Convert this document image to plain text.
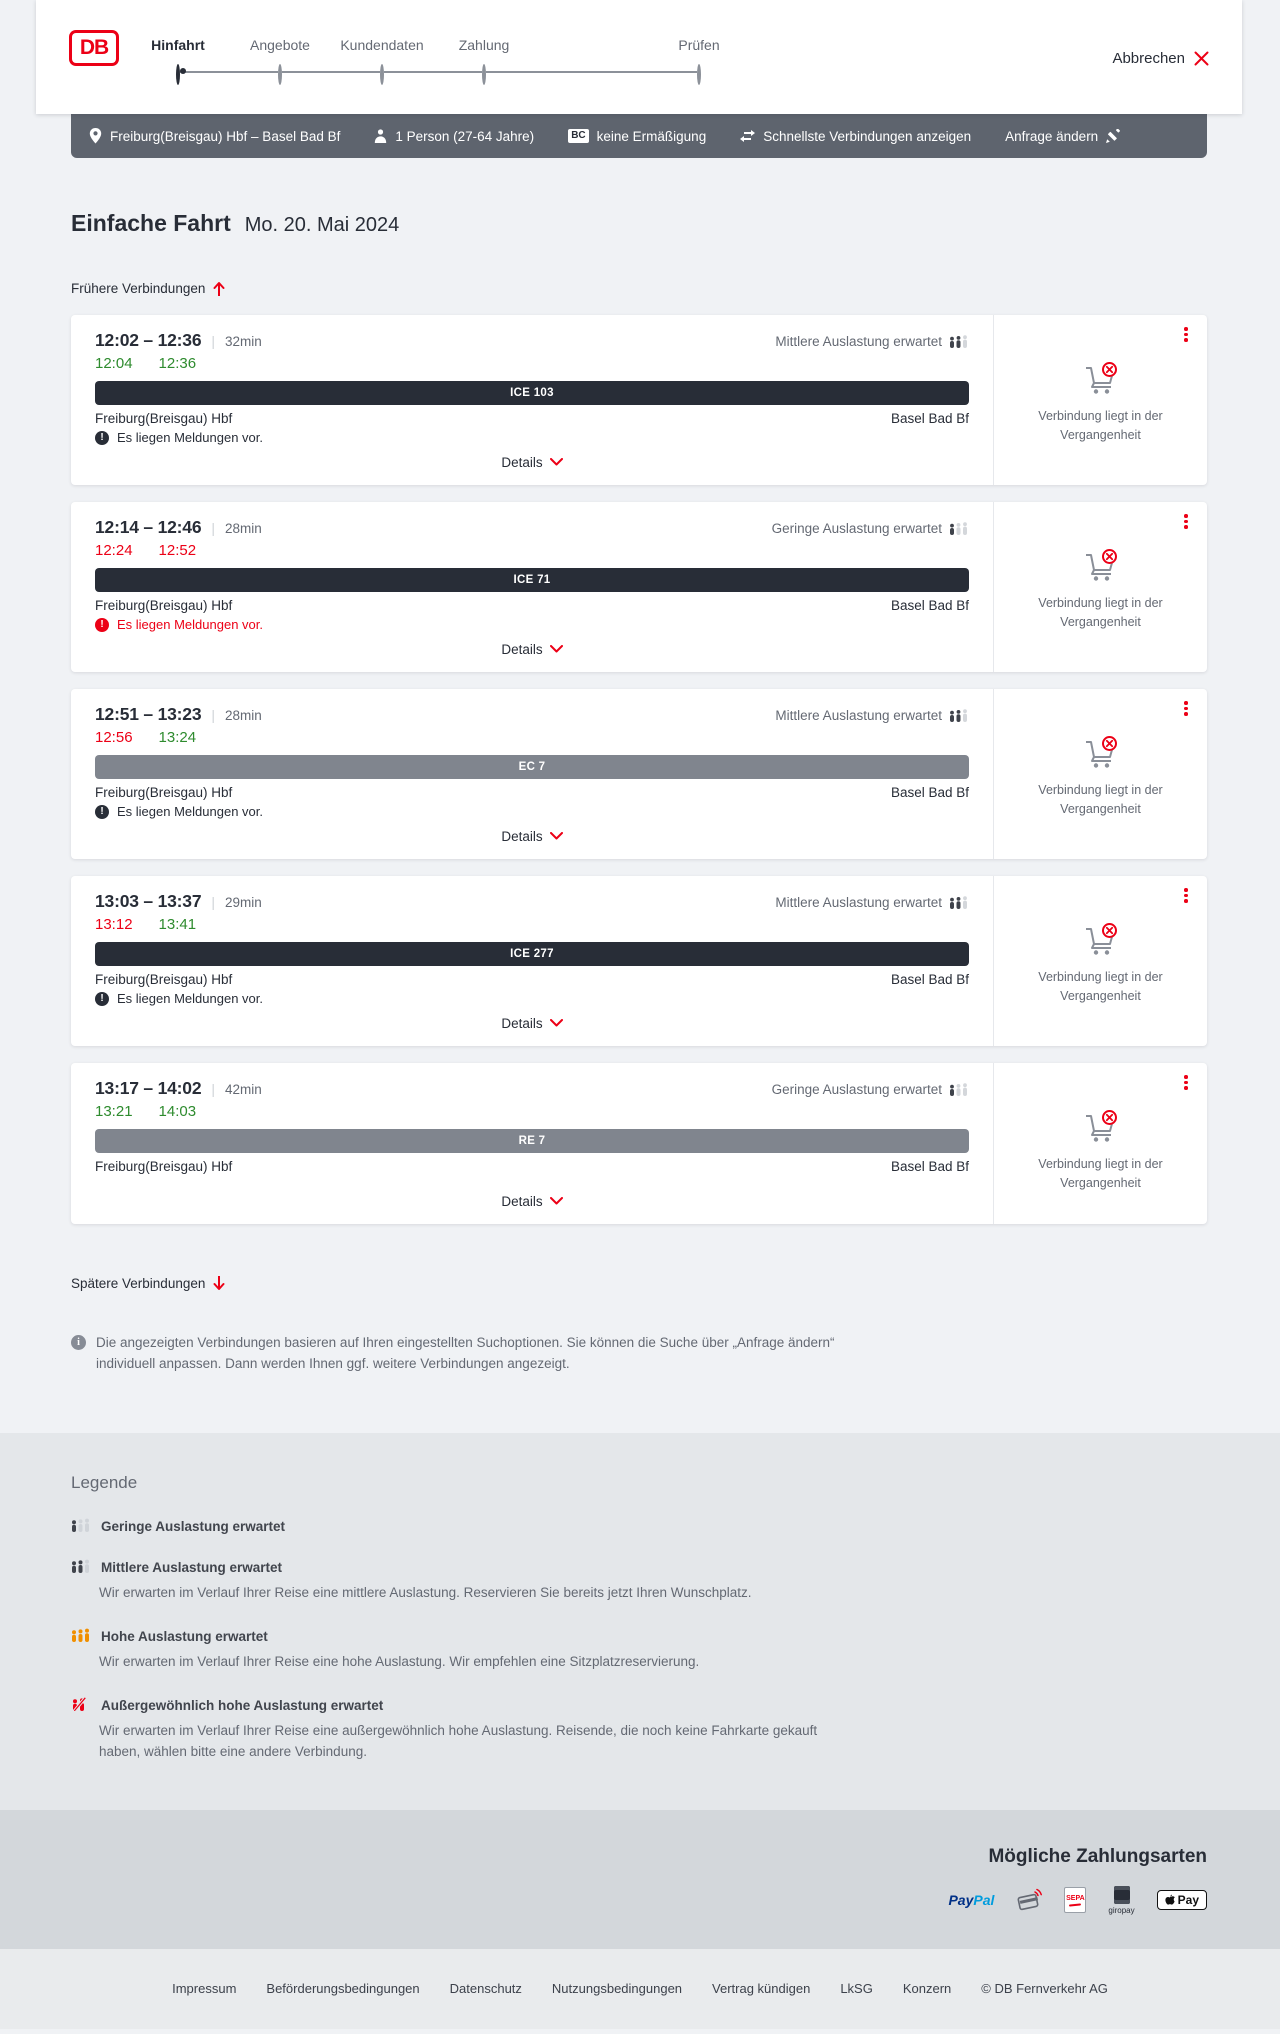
DB	Hinfahrt	Angebote	Kundendaten	Zahlung	Prüfen
Abbrechen
Freiburg(Breisgau) Hbf – Basel Bad Bf	1 Person (27-64 Jahre)	BC keine Ermäßigung	Schnellste Verbindungen anzeigen	Anfrage ändern
Einfache Fahrt Mo. 20. Mai 2024
Frühere Verbindungen
12:02 – 12:36 | 32min	Mittlere Auslastung erwartet
12:04 12:36
ICE 103
Freiburg(Breisgau) Hbf	Basel Bad Bf
!	Es liegen Meldungen vor.
Details
Verbindung liegt in der Vergangenheit
12:14 – 12:46 | 28min	Geringe Auslastung erwartet
12:24 12:52
ICE 71
Freiburg(Breisgau) Hbf	Basel Bad Bf
!	Es liegen Meldungen vor.
Details
Verbindung liegt in der Vergangenheit
12:51 – 13:23 | 28min	Mittlere Auslastung erwartet
12:56 13:24
EC 7
Freiburg(Breisgau) Hbf	Basel Bad Bf
!	Es liegen Meldungen vor.
Details
Verbindung liegt in der Vergangenheit
13:03 – 13:37 | 29min	Mittlere Auslastung erwartet
13:12 13:41
ICE 277
Freiburg(Breisgau) Hbf	Basel Bad Bf
!	Es liegen Meldungen vor.
Details
Verbindung liegt in der Vergangenheit
13:17 – 14:02 | 42min	Geringe Auslastung erwartet
13:21 14:03
RE 7
Freiburg(Breisgau) Hbf	Basel Bad Bf
Details
Verbindung liegt in der Vergangenheit
Spätere Verbindungen
i	Die angezeigten Verbindungen basieren auf Ihren eingestellten Suchoptionen. Sie können die Suche über „Anfrage ändern“ individuell anpassen. Dann werden Ihnen ggf. weitere Verbindungen angezeigt.
Legende
Geringe Auslastung erwartet
Mittlere Auslastung erwartet
Wir erwarten im Verlauf Ihrer Reise eine mittlere Auslastung. Reservieren Sie bereits jetzt Ihren Wunschplatz.
Hohe Auslastung erwartet
Wir erwarten im Verlauf Ihrer Reise eine hohe Auslastung. Wir empfehlen eine Sitzplatzreservierung.
Außergewöhnlich hohe Auslastung erwartet
Wir erwarten im Verlauf Ihrer Reise eine außergewöhnlich hohe Auslastung. Reisende, die noch keine Fahrkarte gekauft haben, wählen bitte eine andere Verbindung.
Mögliche Zahlungsarten
PayPal	SEPA
giropay
Pay
Impressum Beförderungsbedingungen Datenschutz Nutzungsbedingungen Vertrag kündigen LkSG Konzern © DB Fernverkehr AG
